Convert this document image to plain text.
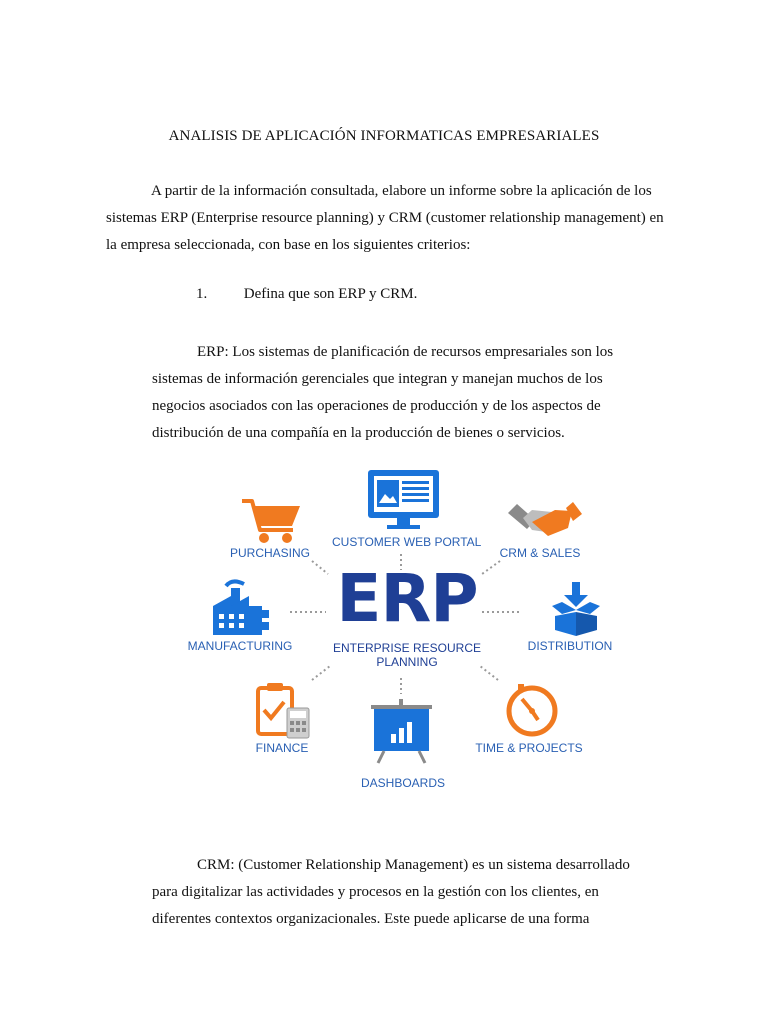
ANALISIS DE APLICACIÓN INFORMATICAS EMPRESARIALES

A partir de la información consultada, elabore un informe sobre la aplicación de los sistemas ERP (Enterprise resource planning) y CRM (customer relationship management) en la empresa seleccionada, con base en los siguientes criterios:

1. Defina que son ERP y CRM.

ERP: Los sistemas de planificación de recursos empresariales son los sistemas de información gerenciales que integran y manejan muchos de los negocios asociados con las operaciones de producción y de los aspectos de distribución de una compañía en la producción de bienes o servicios.

CUSTOMER WEB PORTAL
PURCHASING	CRM & SALES
MANUFACTURING	DISTRIBUTION
FINANCE	TIME & PROJECTS
DASHBOARDS
ERP
ENTERPRISE RESOURCE PLANNING

CRM: (Customer Relationship Management) es un sistema desarrollado para digitalizar las actividades y procesos en la gestión con los clientes, en diferentes contextos organizacionales. Este puede aplicarse de una forma
